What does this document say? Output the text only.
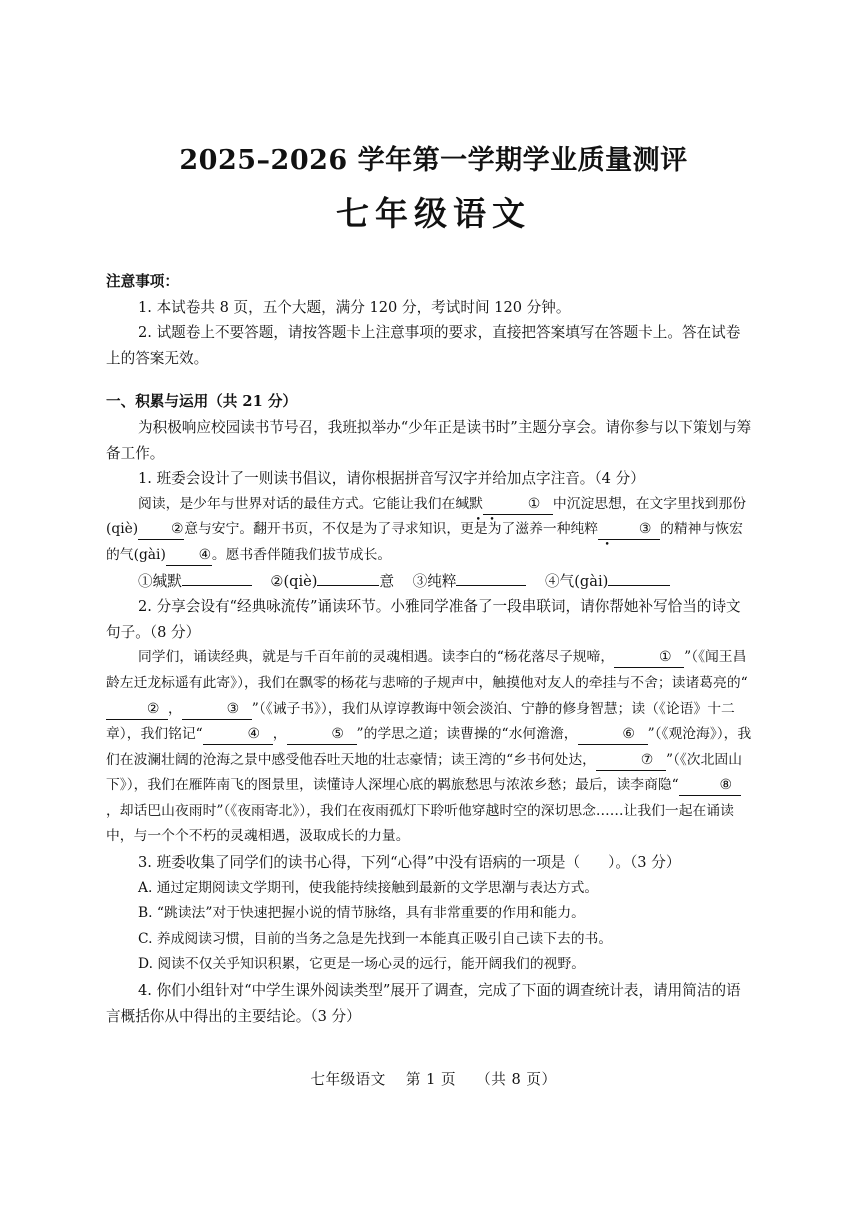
2025–2026 学年第一学期学业质量测评
七年级语文

注意事项：

1. 本试卷共 8 页，五个大题，满分 120 分，考试时间 120 分钟。

2. 试题卷上不要答题，请按答题卡上注意事项的要求，直接把答案填写在答题卡上。答在试卷上的答案无效。

一、积累与运用（共 21 分）

为积极响应校园读书节号召，我班拟举办“少年正是读书时”主题分享会。请你参与以下策划与筹备工作。

1. 班委会设计了一则读书倡议，请你根据拼音写汉字并给加点字注音。（4 分）

阅读，是少年与世界对话的最佳方式。它能让我们在缄默	① 中沉淀思想，在文字里找到那份(qiè) ②意与安宁。翻开书页，不仅是为了寻求知识，更是为了滋养一种纯粹	③ 的精神与恢宏的气(gài) ④。愿书香伴随我们拔节成长。

①缄默	②(qiè)	意 ③纯粹	④气(gài)

2. 分享会设有“经典咏流传”诵读环节。小雅同学准备了一段串联词，请你帮她补写恰当的诗文句子。（8 分）

同学们，诵读经典，就是与千百年前的灵魂相遇。读李白的“杨花落尽子规啼，	① ”（《闻王昌龄左迁龙标遥有此寄》），我们在飘零的杨花与悲啼的子规声中，触摸他对友人的牵挂与不舍；读诸葛亮的“② ，	③ ”（《诫子书》），我们从谆谆教诲中领会淡泊、宁静的修身智慧；读（《论语》十二章），我们铭记“	④ ，	⑤ ”的学思之道；读曹操的“水何澹澹，	⑥ ”（《观沧海》），我们在波澜壮阔的沧海之景中感受他吞吐天地的壮志豪情；读王湾的“乡书何处达，	⑦ ”（《次北固山下》），我们在雁阵南飞的图景里，读懂诗人深埋心底的羁旅愁思与浓浓乡愁；最后，读李商隐“	⑧，却话巴山夜雨时”（《夜雨寄北》），我们在夜雨孤灯下聆听他穿越时空的深切思念……让我们一起在诵读中，与一个个不朽的灵魂相遇，汲取成长的力量。

3. 班委收集了同学们的读书心得，下列“心得”中没有语病的一项是（ ）。（3 分）

A. 通过定期阅读文学期刊，使我能持续接触到最新的文学思潮与表达方式。

B. “跳读法”对于快速把握小说的情节脉络，具有非常重要的作用和能力。

C. 养成阅读习惯，目前的当务之急是先找到一本能真正吸引自己读下去的书。

D. 阅读不仅关乎知识积累，它更是一场心灵的远行，能开阔我们的视野。

4. 你们小组针对“中学生课外阅读类型”展开了调查，完成了下面的调查统计表，请用简洁的语言概括你从中得出的主要结论。（3 分）

七年级语文 第 1 页 （共 8 页）
